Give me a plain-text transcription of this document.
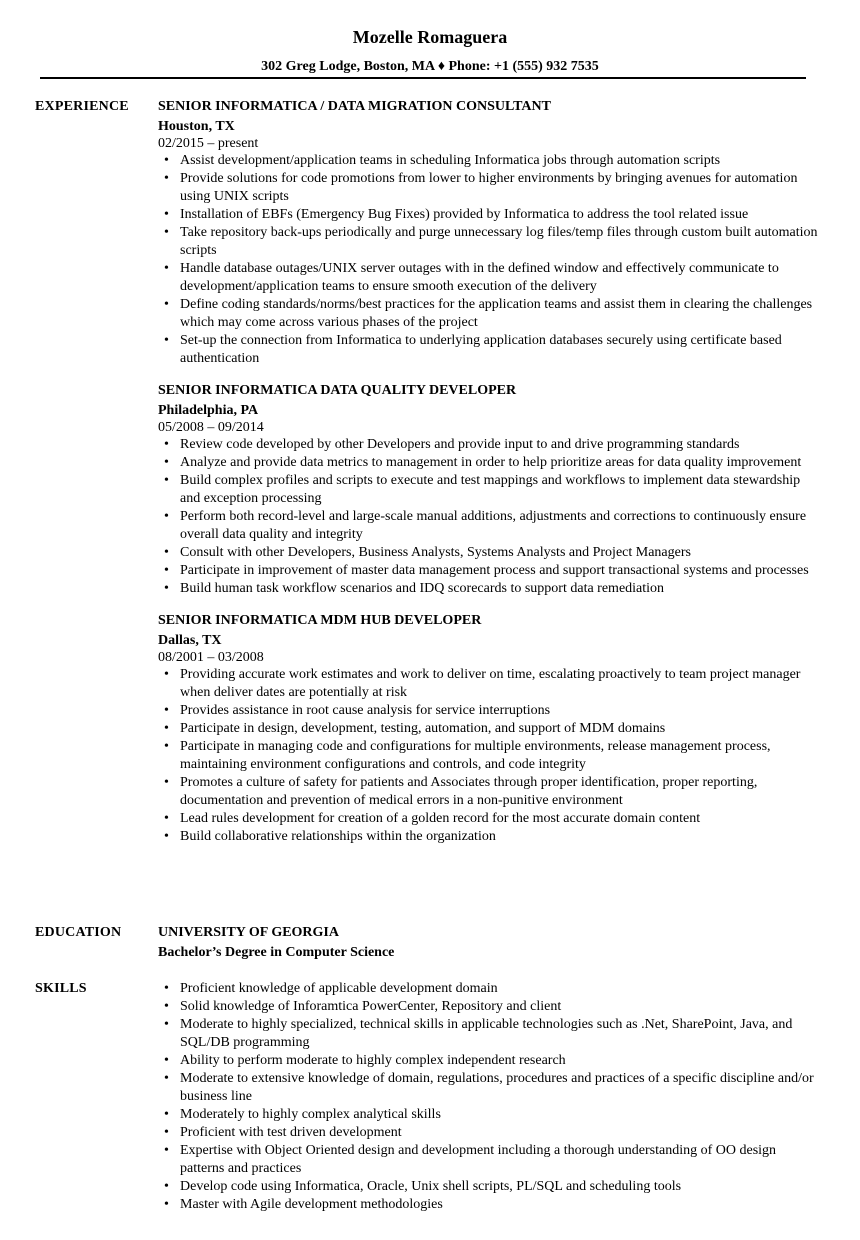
Mozelle Romaguera
302 Greg Lodge, Boston, MA ♦ Phone: +1 (555) 932 7535
EXPERIENCE SENIOR INFORMATICA / DATA MIGRATION CONSULTANT

Houston, TX

02/2015 – present

• Assist development/application teams in scheduling Informatica jobs through automation scripts
• Provide solutions for code promotions from lower to higher environments by bringing avenues for automation using UNIX scripts
• Installation of EBFs (Emergency Bug Fixes) provided by Informatica to address the tool related issue
• Take repository back-ups periodically and purge unnecessary log files/temp files through custom built automation scripts
• Handle database outages/UNIX server outages with in the defined window and effectively communicate to development/application teams to ensure smooth execution of the delivery
• Define coding standards/norms/best practices for the application teams and assist them in clearing the challenges which may come across various phases of the project
• Set-up the connection from Informatica to underlying application databases securely using certificate based authentication

SENIOR INFORMATICA DATA QUALITY DEVELOPER

Philadelphia, PA

05/2008 – 09/2014

• Review code developed by other Developers and provide input to and drive programming standards
• Analyze and provide data metrics to management in order to help prioritize areas for data quality improvement
• Build complex profiles and scripts to execute and test mappings and workflows to implement data stewardship and exception processing
• Perform both record-level and large-scale manual additions, adjustments and corrections to continuously ensure overall data quality and integrity
• Consult with other Developers, Business Analysts, Systems Analysts and Project Managers
• Participate in improvement of master data management process and support transactional systems and processes
• Build human task workflow scenarios and IDQ scorecards to support data remediation

SENIOR INFORMATICA MDM HUB DEVELOPER

Dallas, TX

08/2001 – 03/2008

• Providing accurate work estimates and work to deliver on time, escalating proactively to team project manager when deliver dates are potentially at risk
• Provides assistance in root cause analysis for service interruptions
• Participate in design, development, testing, automation, and support of MDM domains
• Participate in managing code and configurations for multiple environments, release management process, maintaining environment configurations and controls, and code integrity
• Promotes a culture of safety for patients and Associates through proper identification, proper reporting, documentation and prevention of medical errors in a non-punitive environment
• Lead rules development for creation of a golden record for the most accurate domain content
• Build collaborative relationships within the organization
EDUCATION	UNIVERSITY OF GEORGIA

Bachelor’s Degree in Computer Science

SKILLS
•	Proficient knowledge of applicable development domain
• Solid knowledge of Inforamtica PowerCenter, Repository and client
• Moderate to highly specialized, technical skills in applicable technologies such as .Net, SharePoint, Java, and SQL/DB programming
• Ability to perform moderate to highly complex independent research
• Moderate to extensive knowledge of domain, regulations, procedures and practices of a specific discipline and/or business line
• Moderately to highly complex analytical skills
• Proficient with test driven development
• Expertise with Object Oriented design and development including a thorough understanding of OO design patterns and practices
• Develop code using Informatica, Oracle, Unix shell scripts, PL/SQL and scheduling tools
• Master with Agile development methodologies
